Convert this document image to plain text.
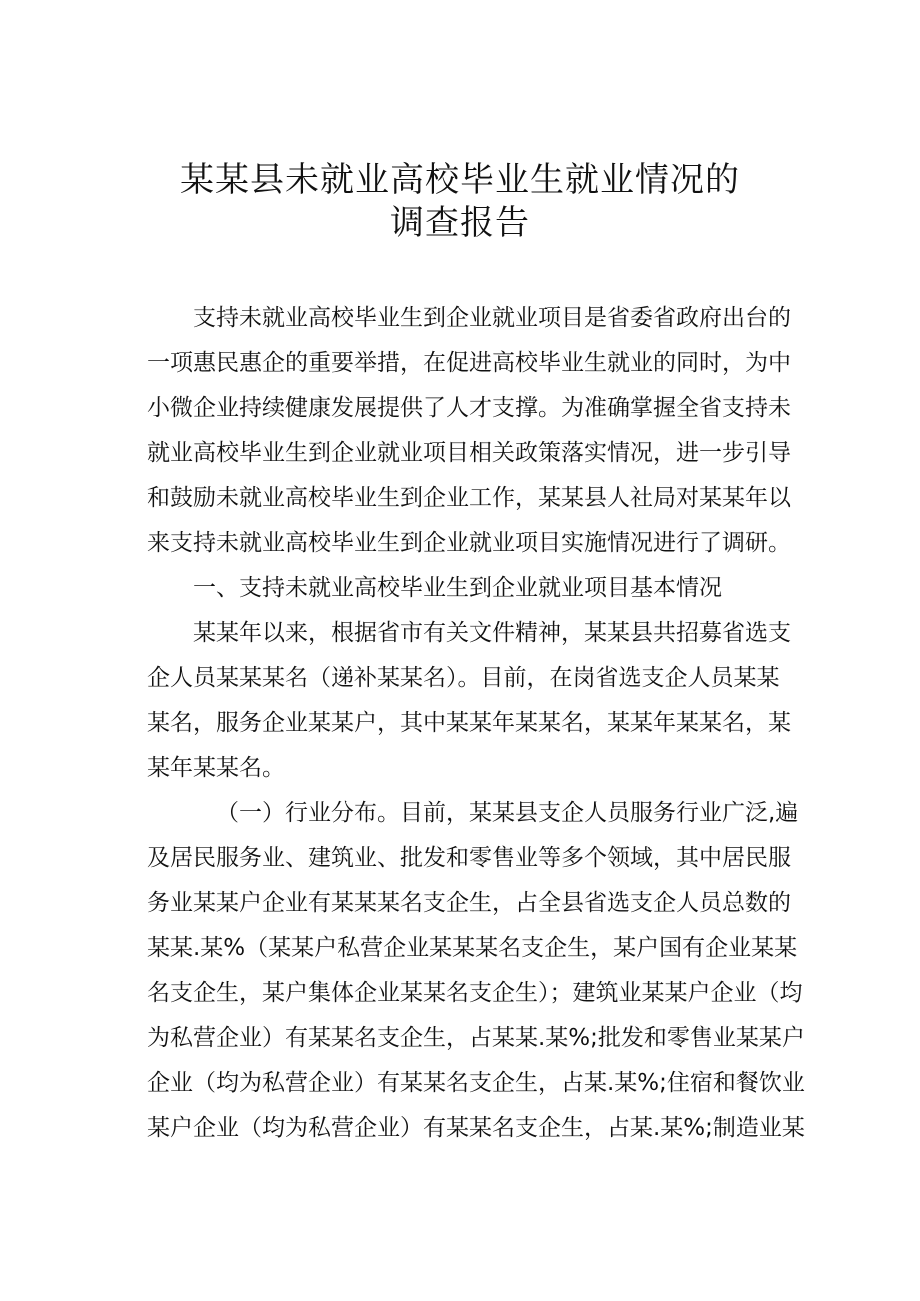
某某县未就业高校毕业生就业情况的
调查报告
支持未就业高校毕业生到企业就业项目是省委省政府出台的
一项惠民惠企的重要举措，在促进高校毕业生就业的同时，为中
小微企业持续健康发展提供了人才支撑。为准确掌握全省支持未
就业高校毕业生到企业就业项目相关政策落实情况，进一步引导
和鼓励未就业高校毕业生到企业工作，某某县人社局对某某年以
来支持未就业高校毕业生到企业就业项目实施情况进行了调研。
一、支持未就业高校毕业生到企业就业项目基本情况
某某年以来，根据省市有关文件精神，某某县共招募省选支
企人员某某某名（递补某某名）。目前，在岗省选支企人员某某
某名，服务企业某某户，其中某某年某某名，某某年某某名，某
某年某某名。
（一）行业分布。目前，某某县支企人员服务行业广泛,遍
及居民服务业、建筑业、批发和零售业等多个领域，其中居民服
务业某某户企业有某某某名支企生，占全县省选支企人员总数的
某某.某%（某某户私营企业某某某名支企生，某户国有企业某某
名支企生，某户集体企业某某名支企生）；建筑业某某户企业（均
为私营企业）有某某名支企生，占某某.某%;批发和零售业某某户
企业（均为私营企业）有某某名支企生，占某.某%;住宿和餐饮业
某户企业（均为私营企业）有某某名支企生，占某.某%;制造业某
